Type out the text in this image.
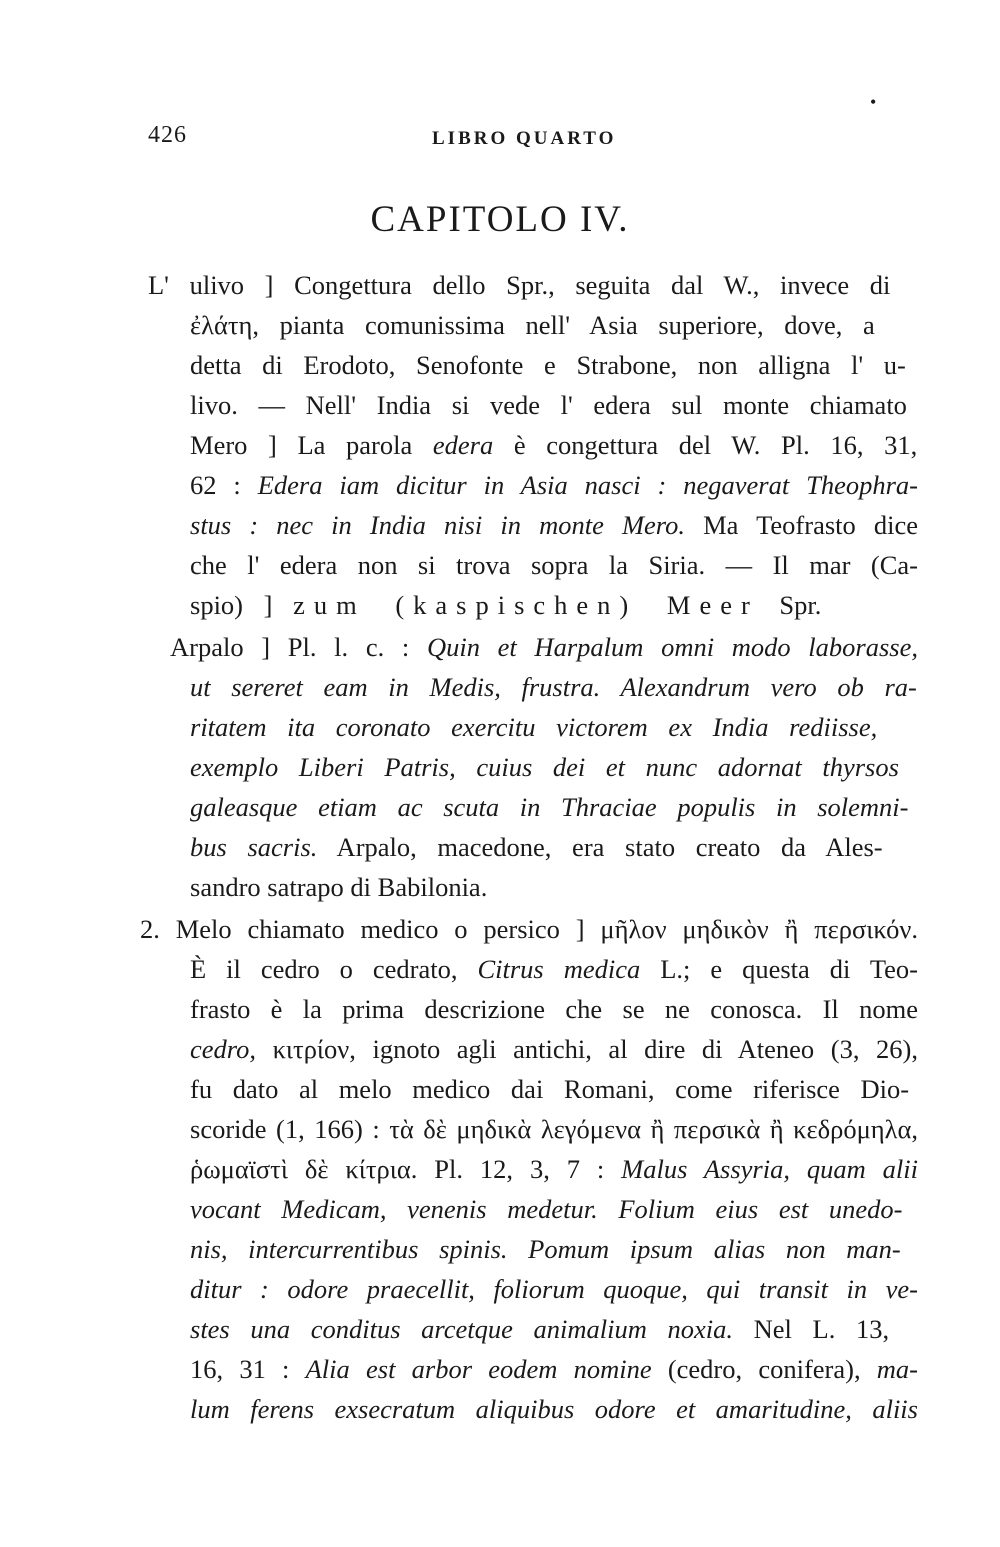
426	LIBRO QUARTO
•
CAPITOLO IV.
L' ulivo ] Congettura dello Spr., seguita dal W., invece di
ἐλάτη, pianta comunissima nell' Asia superiore, dove, a
detta di Erodoto, Senofonte e Strabone, non alligna l' u-
livo. — Nell' India si vede l' edera sul monte chiamato
Mero ] La parola edera è congettura del W. Pl. 16, 31,
62 : Edera iam dicitur in Asia nasci : negaverat Theophra-
stus : nec in India nisi in monte Mero. Ma Teofrasto dice
che l' edera non si trova sopra la Siria. — Il mar (Ca-
spio) ] zum (kaspischen) Meer Spr.
Arpalo ] Pl. l. c. : Quin et Harpalum omni modo laborasse,
ut sereret eam in Medis, frustra. Alexandrum vero ob ra-
ritatem ita coronato exercitu victorem ex India rediisse,
exemplo Liberi Patris, cuius dei et nunc adornat thyrsos
galeasque etiam ac scuta in Thraciae populis in solemni-
bus sacris. Arpalo, macedone, era stato creato da Ales-
sandro satrapo di Babilonia.
2. Melo chiamato medico o persico ] μῆλον μηδικὸν ἢ περσικόν.
È il cedro o cedrato, Citrus medica L.; e questa di Teo-
frasto è la prima descrizione che se ne conosca. Il nome
cedro, κιτρίον, ignoto agli antichi, al dire di Ateneo (3, 26),
fu dato al melo medico dai Romani, come riferisce Dio-
scoride (1, 166) : τὰ δὲ μηδικὰ λεγόμενα ἢ περσικὰ ἢ κεδρόμηλα,
ῥωμαϊστὶ δὲ κίτρια. Pl. 12, 3, 7 : Malus Assyria, quam alii
vocant Medicam, venenis medetur. Folium eius est unedo-
nis, intercurrentibus spinis. Pomum ipsum alias non man-
ditur : odore praecellit, foliorum quoque, qui transit in ve-
stes una conditus arcetque animalium noxia. Nel L. 13,
16, 31 : Alia est arbor eodem nomine (cedro, conifera), ma-
lum ferens exsecratum aliquibus odore et amaritudine, aliis
